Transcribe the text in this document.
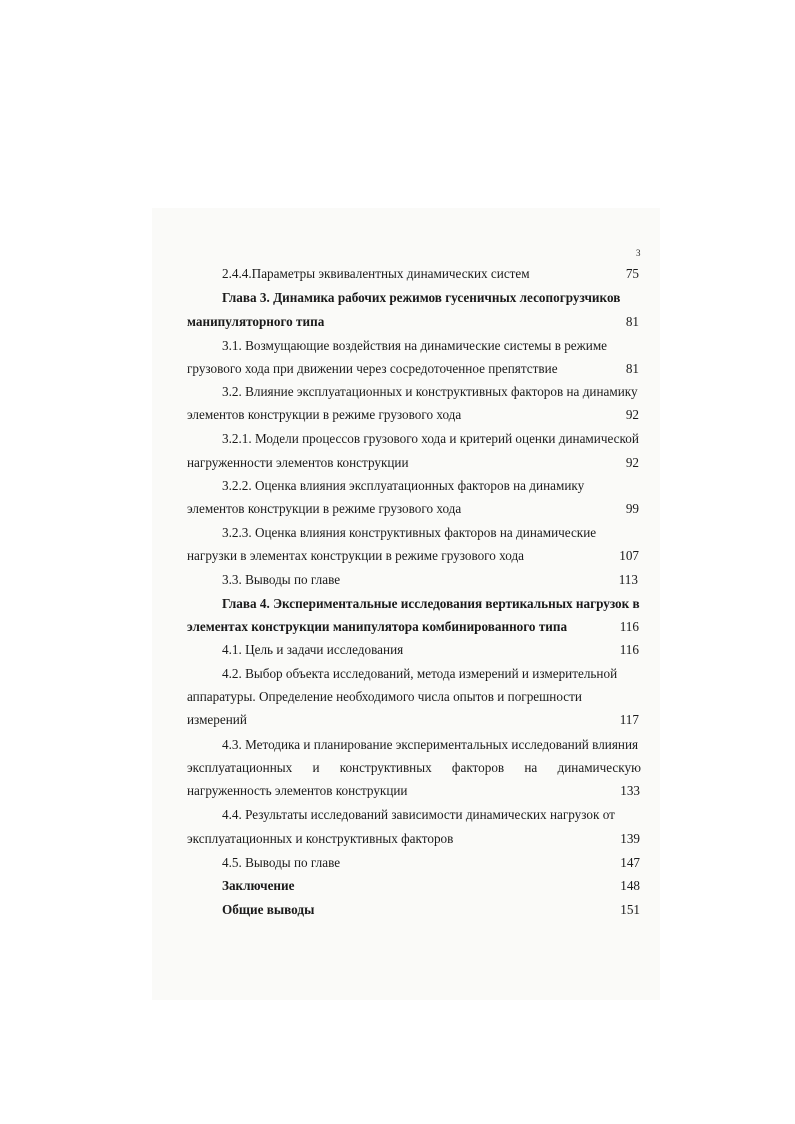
3
2.4.4.Параметры эквивалентных динамических систем	75
Глава 3. Динамика рабочих режимов гусеничных лесопогрузчиков
манипуляторного типа	81
3.1. Возмущающие воздействия на динамические системы в режиме
грузового хода при движении через сосредоточенное препятствие	81
3.2. Влияние эксплуатационных и конструктивных факторов на динамику
элементов конструкции в режиме грузового хода	92
3.2.1. Модели процессов грузового хода и критерий оценки динамической
нагруженности элементов конструкции	92
3.2.2. Оценка влияния эксплуатационных факторов на динамику
элементов конструкции в режиме грузового хода	99
3.2.3. Оценка влияния конструктивных факторов на динамические
нагрузки в элементах конструкции в режиме грузового хода	107
3.3. Выводы по главе	113
Глава 4. Экспериментальные исследования вертикальных нагрузок в
элементах конструкции манипулятора комбинированного типа	116
4.1. Цель и задачи исследования	116
4.2. Выбор объекта исследований, метода измерений и измерительной
аппаратуры. Определение необходимого числа опытов и погрешности
измерений	117
4.3. Методика и планирование экспериментальных исследований влияния
эксплуатационных и конструктивных факторов на динамическую
нагруженность элементов конструкции	133
4.4. Результаты исследований зависимости динамических нагрузок от
эксплуатационных и конструктивных факторов	139
4.5. Выводы по главе	147
Заключение	148
Общие выводы	151
